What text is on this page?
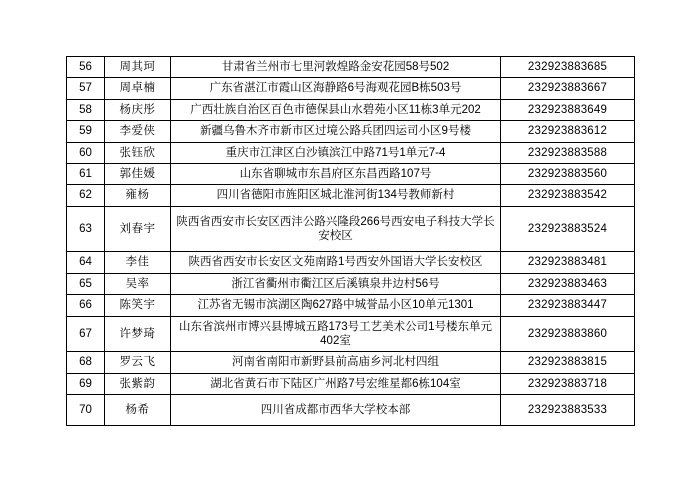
56	周其珂	甘肃省兰州市七里河敦煌路金安花园58号502	232923883685
57	周卓楠	广东省湛江市霞山区海静路6号海观花园B栋503号	232923883667
58	杨庆彤	广西壮族自治区百色市德保县山水碧苑小区11栋3单元202	232923883649
59	李爱侠	新疆乌鲁木齐市新市区过境公路兵团四运司小区9号楼	232923883612
60	张钰欣	重庆市江津区白沙镇滨江中路71号1单元7-4	232923883588
61	郭佳媛	山东省聊城市东昌府区东昌西路107号	232923883560
62	雍杨	四川省德阳市旌阳区城北淮河街134号教师新村	232923883542
63	刘春宇	陕西省西安市长安区西沣公路兴隆段266号西安电子科技大学长安校区	232923883524
64	李佳	陕西省西安市长安区文苑南路1号西安外国语大学长安校区	232923883481
65	吴率	浙江省衢州市衢江区后溪镇泉井边村56号	232923883463
66	陈笑宇	江苏省无锡市滨湖区陶627路中城誉品小区10单元1301	232923883447
67	许梦琦	山东省滨州市博兴县博城五路173号工艺美术公司1号楼东单元402室	232923883860
68	罗云飞	河南省南阳市新野县前高庙乡河北村四组	232923883815
69	张紫韵	湖北省黄石市下陆区广州路7号宏维星都6栋104室	232923883718
70	杨希	四川省成都市西华大学校本部	232923883533
